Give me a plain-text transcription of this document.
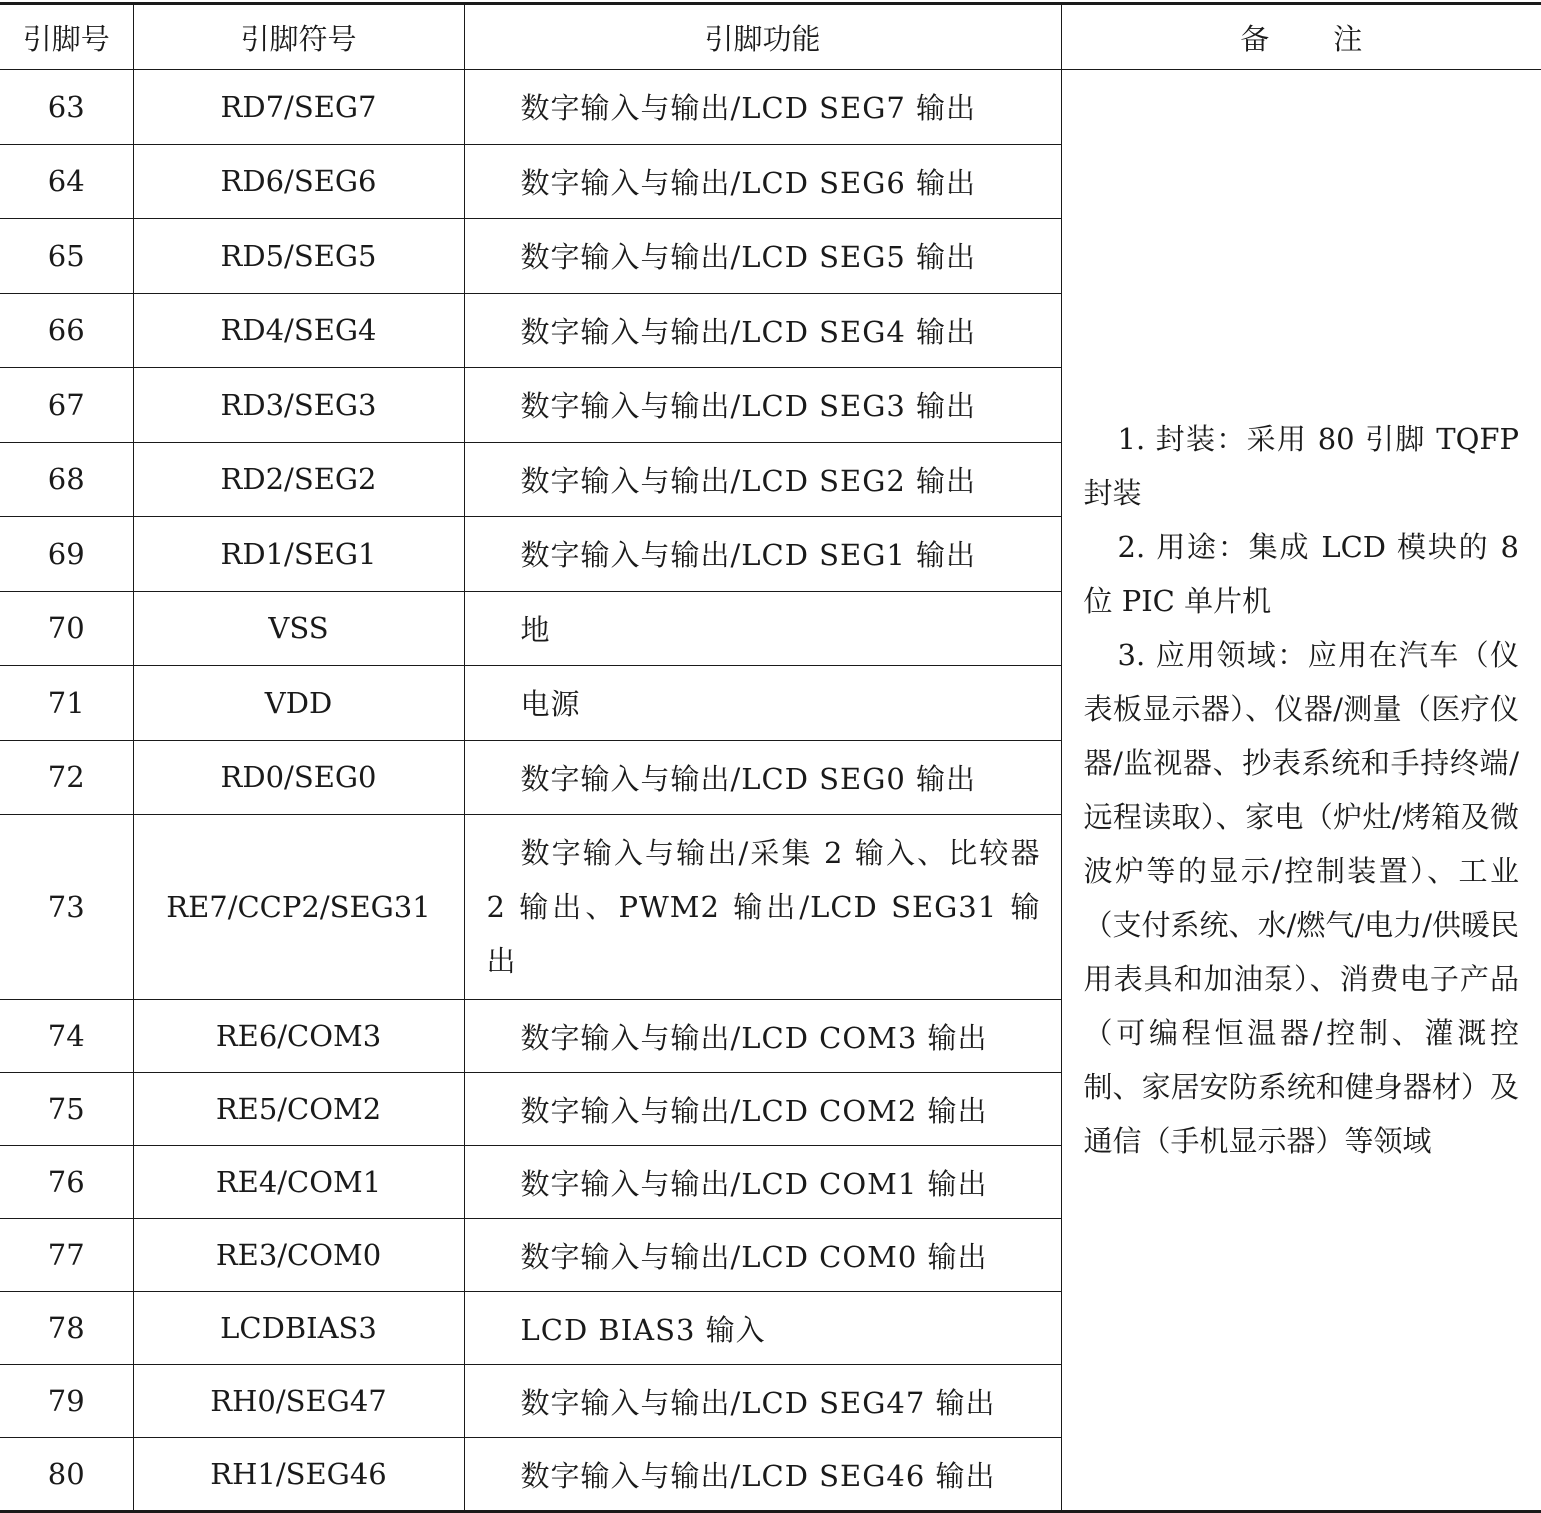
引脚号	引脚符号	引脚功能	备注
63	RD7/SEG7	数字输入与输出/LCD SEG7 输出	1. 封装：采用 80 引脚 TQFP 封装
2. 用途：集成 LCD 模块的 8 位 PIC 单片机
3. 应用领域：应用在汽车（仪表板显示器）、仪器/测量（医疗仪器/监视器、抄表系统和手持终端/远程读取）、家电（炉灶/烤箱及微波炉等的显示/控制装置）、工业（支付系统、水/燃气/电力/供暖民用表具和加油泵）、消费电子产品（可编程恒温器/控制、灌溉控制、家居安防系统和健身器材）及通信（手机显示器）等领域

64	RD6/SEG6	数字输入与输出/LCD SEG6 输出	
65	RD5/SEG5	数字输入与输出/LCD SEG5 输出	
66	RD4/SEG4	数字输入与输出/LCD SEG4 输出	
67	RD3/SEG3	数字输入与输出/LCD SEG3 输出	
68	RD2/SEG2	数字输入与输出/LCD SEG2 输出	
69	RD1/SEG1	数字输入与输出/LCD SEG1 输出	
70	VSS	地	
71	VDD	电源	
72	RD0/SEG0	数字输入与输出/LCD SEG0 输出	
73	RE7/CCP2/SEG31	数字输入与输出/采集 2 输入、比较器 2 输出、PWM2 输出/LCD SEG31 输出	
74	RE6/COM3	数字输入与输出/LCD COM3 输出	
75	RE5/COM2	数字输入与输出/LCD COM2 输出	
76	RE4/COM1	数字输入与输出/LCD COM1 输出	
77	RE3/COM0	数字输入与输出/LCD COM0 输出	
78	LCDBIAS3	LCD BIAS3 输入	
79	RH0/SEG47	数字输入与输出/LCD SEG47 输出	
80	RH1/SEG46	数字输入与输出/LCD SEG46 输出	
